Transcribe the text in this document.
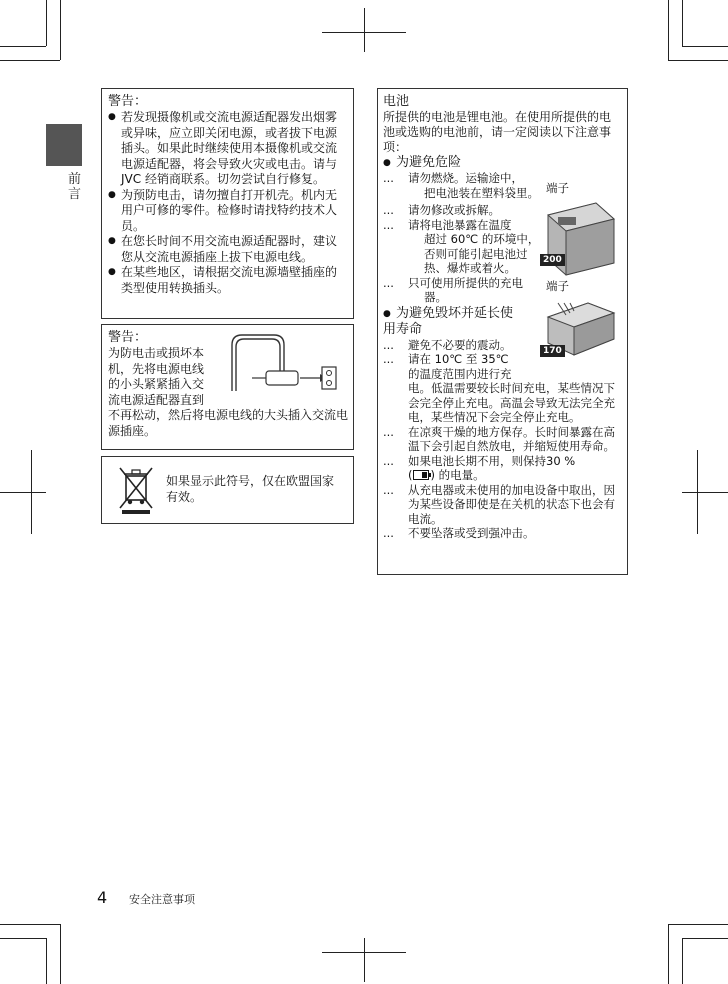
前言
警告：
● 若发现摄像机或交流电源适配器发出烟雾或异味，应立即关闭电源，或者拔下电源插头。如果此时继续使用本摄像机或交流电源适配器，将会导致火灾或电击。请与 JVC 经销商联系。切勿尝试自行修复。
● 为预防电击，请勿擅自打开机壳。机内无用户可修的零件。检修时请找特约技术人员。
● 在您长时间不用交流电源适配器时，建议您从交流电源插座上拔下电源电线。
● 在某些地区，请根据交流电源墙壁插座的类型使用转换插头。
警告：
为防电击或损坏本
机，先将电源电线
的小头紧紧插入交
流电源适配器直到
不再松动，然后将电源电线的大头插入交流电源插座。
如果显示此符号，仅在欧盟国家有效。
电池
所提供的电池是锂电池。在使用所提供的电池或选购的电池前，请一定阅读以下注意事项：
● 为避免危险
... 请勿燃烧。运输途中，
把电池装在塑料袋里。
... 请勿修改或拆解。
... 请将电池暴露在温度
超过 60℃ 的环境中，
否则可能引起电池过
热、爆炸或着火。
... 只可使用所提供的充电
器。
● 为避免毁坏并延长使
用寿命
... 避免不必要的震动。
... 请在 10℃ 至 35℃
的温度范围内进行充
电。低温需要较长时间充电，某些情况下会完全停止充电。高温会导致无法完全充电，某些情况下会完全停止充电。
... 在凉爽干燥的地方保存。长时间暴露在高温下会引起自然放电，并缩短使用寿命。
... 如果电池长期不用，则保持30 %
( ) 的电量。
... 从充电器或未使用的加电设备中取出，因为某些设备即使是在关机的状态下也会有电流。
... 不要坠落或受到强冲击。
端子
200
端子
170
4 安全注意事项
